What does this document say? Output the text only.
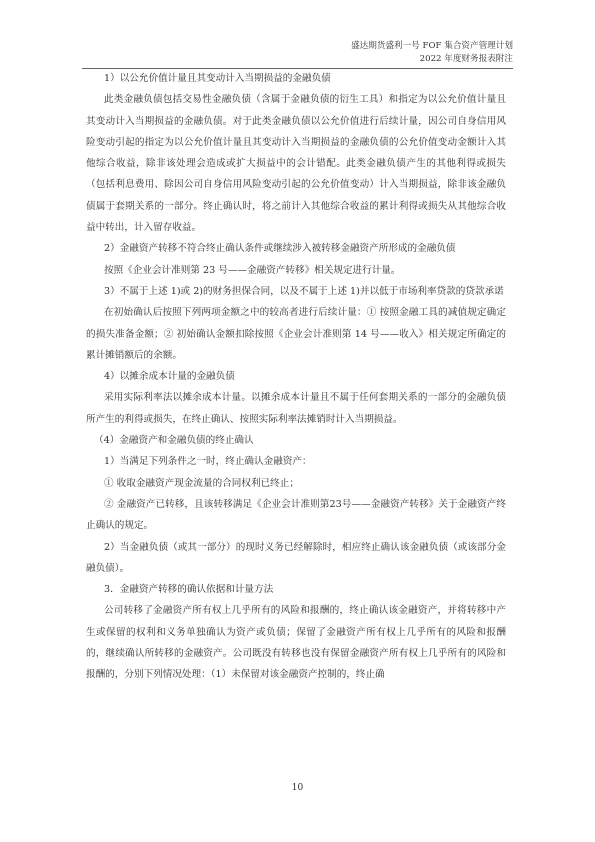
盛达期货盛利一号 FOF 集合资产管理计划
2022 年度财务报表附注

1）以公允价值计量且其变动计入当期损益的金融负债

此类金融负债包括交易性金融负债（含属于金融负债的衍生工具）和指定为以公允价值计量且其变动计入当期损益的金融负债。对于此类金融负债以公允价值进行后续计量，因公司自身信用风险变动引起的指定为以公允价值计量且其变动计入当期损益的金融负债的公允价值变动金额计入其他综合收益，除非该处理会造成或扩大损益中的会计错配。此类金融负债产生的其他利得或损失（包括利息费用、除因公司自身信用风险变动引起的公允价值变动）计入当期损益，除非该金融负债属于套期关系的一部分。终止确认时，将之前计入其他综合收益的累计利得或损失从其他综合收益中转出，计入留存收益。

2）金融资产转移不符合终止确认条件或继续涉入被转移金融资产所形成的金融负债

按照《企业会计准则第 23 号——金融资产转移》相关规定进行计量。

3）不属于上述 1)或 2)的财务担保合同，以及不属于上述 1)并以低于市场利率贷款的贷款承诺

在初始确认后按照下列两项金额之中的较高者进行后续计量：① 按照金融工具的减值规定确定的损失准备金额；② 初始确认金额扣除按照《企业会计准则第 14 号——收入》相关规定所确定的累计摊销额后的余额。

4）以摊余成本计量的金融负债

采用实际利率法以摊余成本计量。以摊余成本计量且不属于任何套期关系的一部分的金融负债所产生的利得或损失，在终止确认、按照实际利率法摊销时计入当期损益。

（4）金融资产和金融负债的终止确认

1）当满足下列条件之一时，终止确认金融资产：

① 收取金融资产现金流量的合同权利已终止；

② 金融资产已转移，且该转移满足《企业会计准则第23号——金融资产转移》关于金融资产终止确认的规定。

2）当金融负债（或其一部分）的现时义务已经解除时，相应终止确认该金融负债（或该部分金融负债）。

3．金融资产转移的确认依据和计量方法

公司转移了金融资产所有权上几乎所有的风险和报酬的，终止确认该金融资产，并将转移中产生或保留的权利和义务单独确认为资产或负债；保留了金融资产所有权上几乎所有的风险和报酬的，继续确认所转移的金融资产。公司既没有转移也没有保留金融资产所有权上几乎所有的风险和报酬的，分别下列情况处理：（1）未保留对该金融资产控制的，终止确

10
